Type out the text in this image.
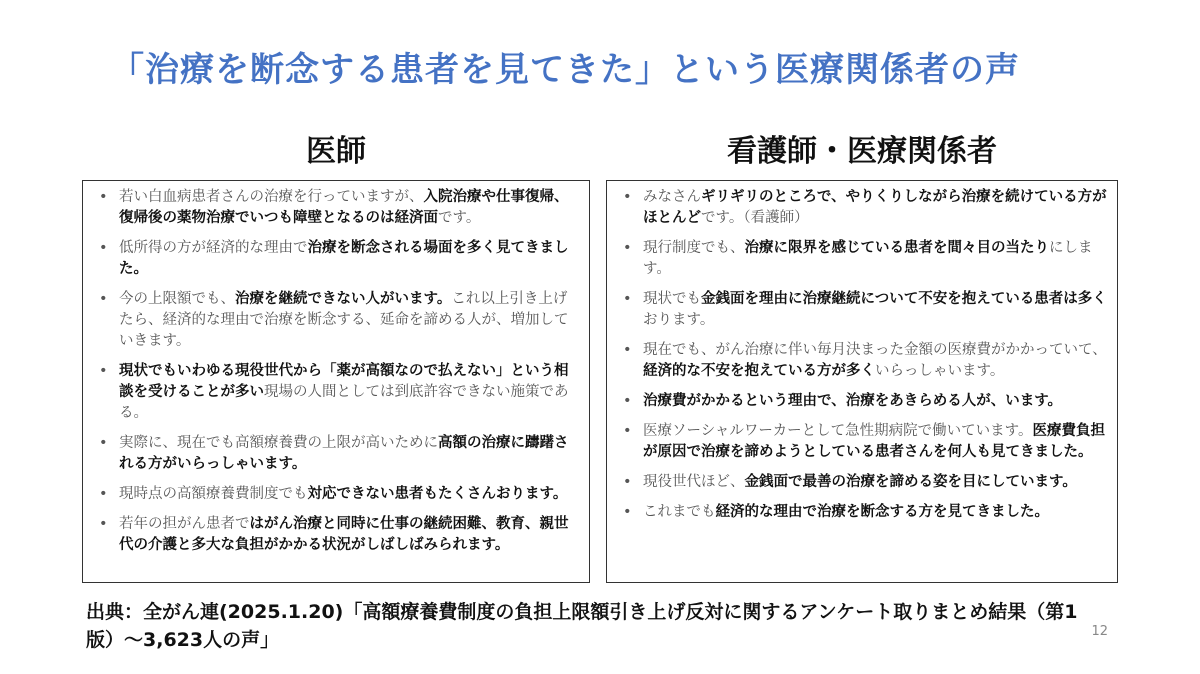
「治療を断念する患者を見てきた」という医療関係者の声
医師	看護師・医療関係者
• 若い白血病患者さんの治療を行っていますが、入院治療や仕事復帰、復帰後の薬物治療でいつも障壁となるのは経済面です。
• 低所得の方が経済的な理由で治療を断念される場面を多く見てきました。
• 今の上限額でも、治療を継続できない人がいます。これ以上引き上げたら、経済的な理由で治療を断念する、延命を諦める人が、増加していきます。
• 現状でもいわゆる現役世代から「薬が高額なので払えない」という相談を受けることが多い現場の人間としては到底許容できない施策である。
• 実際に、現在でも高額療養費の上限が高いために高額の治療に躊躇される方がいらっしゃいます。
• 現時点の高額療養費制度でも対応できない患者もたくさんおります。
• 若年の担がん患者ではがん治療と同時に仕事の継続困難、教育、親世代の介護と多大な負担がかかる状況がしばしばみられます。
• みなさんギリギリのところで、やりくりしながら治療を続けている方がほとんどです。（看護師）
• 現行制度でも、治療に限界を感じている患者を間々目の当たりにします。
• 現状でも金銭面を理由に治療継続について不安を抱えている患者は多くおります。
• 現在でも、がん治療に伴い毎月決まった金額の医療費がかかっていて、経済的な不安を抱えている方が多くいらっしゃいます。
• 治療費がかかるという理由で、治療をあきらめる人が、います。
• 医療ソーシャルワーカーとして急性期病院で働いています。医療費負担が原因で治療を諦めようとしている患者さんを何人も見てきました。
• 現役世代ほど、金銭面で最善の治療を諦める姿を目にしています。
• これまでも経済的な理由で治療を断念する方を見てきました。
出典：全がん連(2025.1.20)「高額療養費制度の負担上限額引き上げ反対に関するアンケート取りまとめ結果（第1版）～3,623人の声」	12
